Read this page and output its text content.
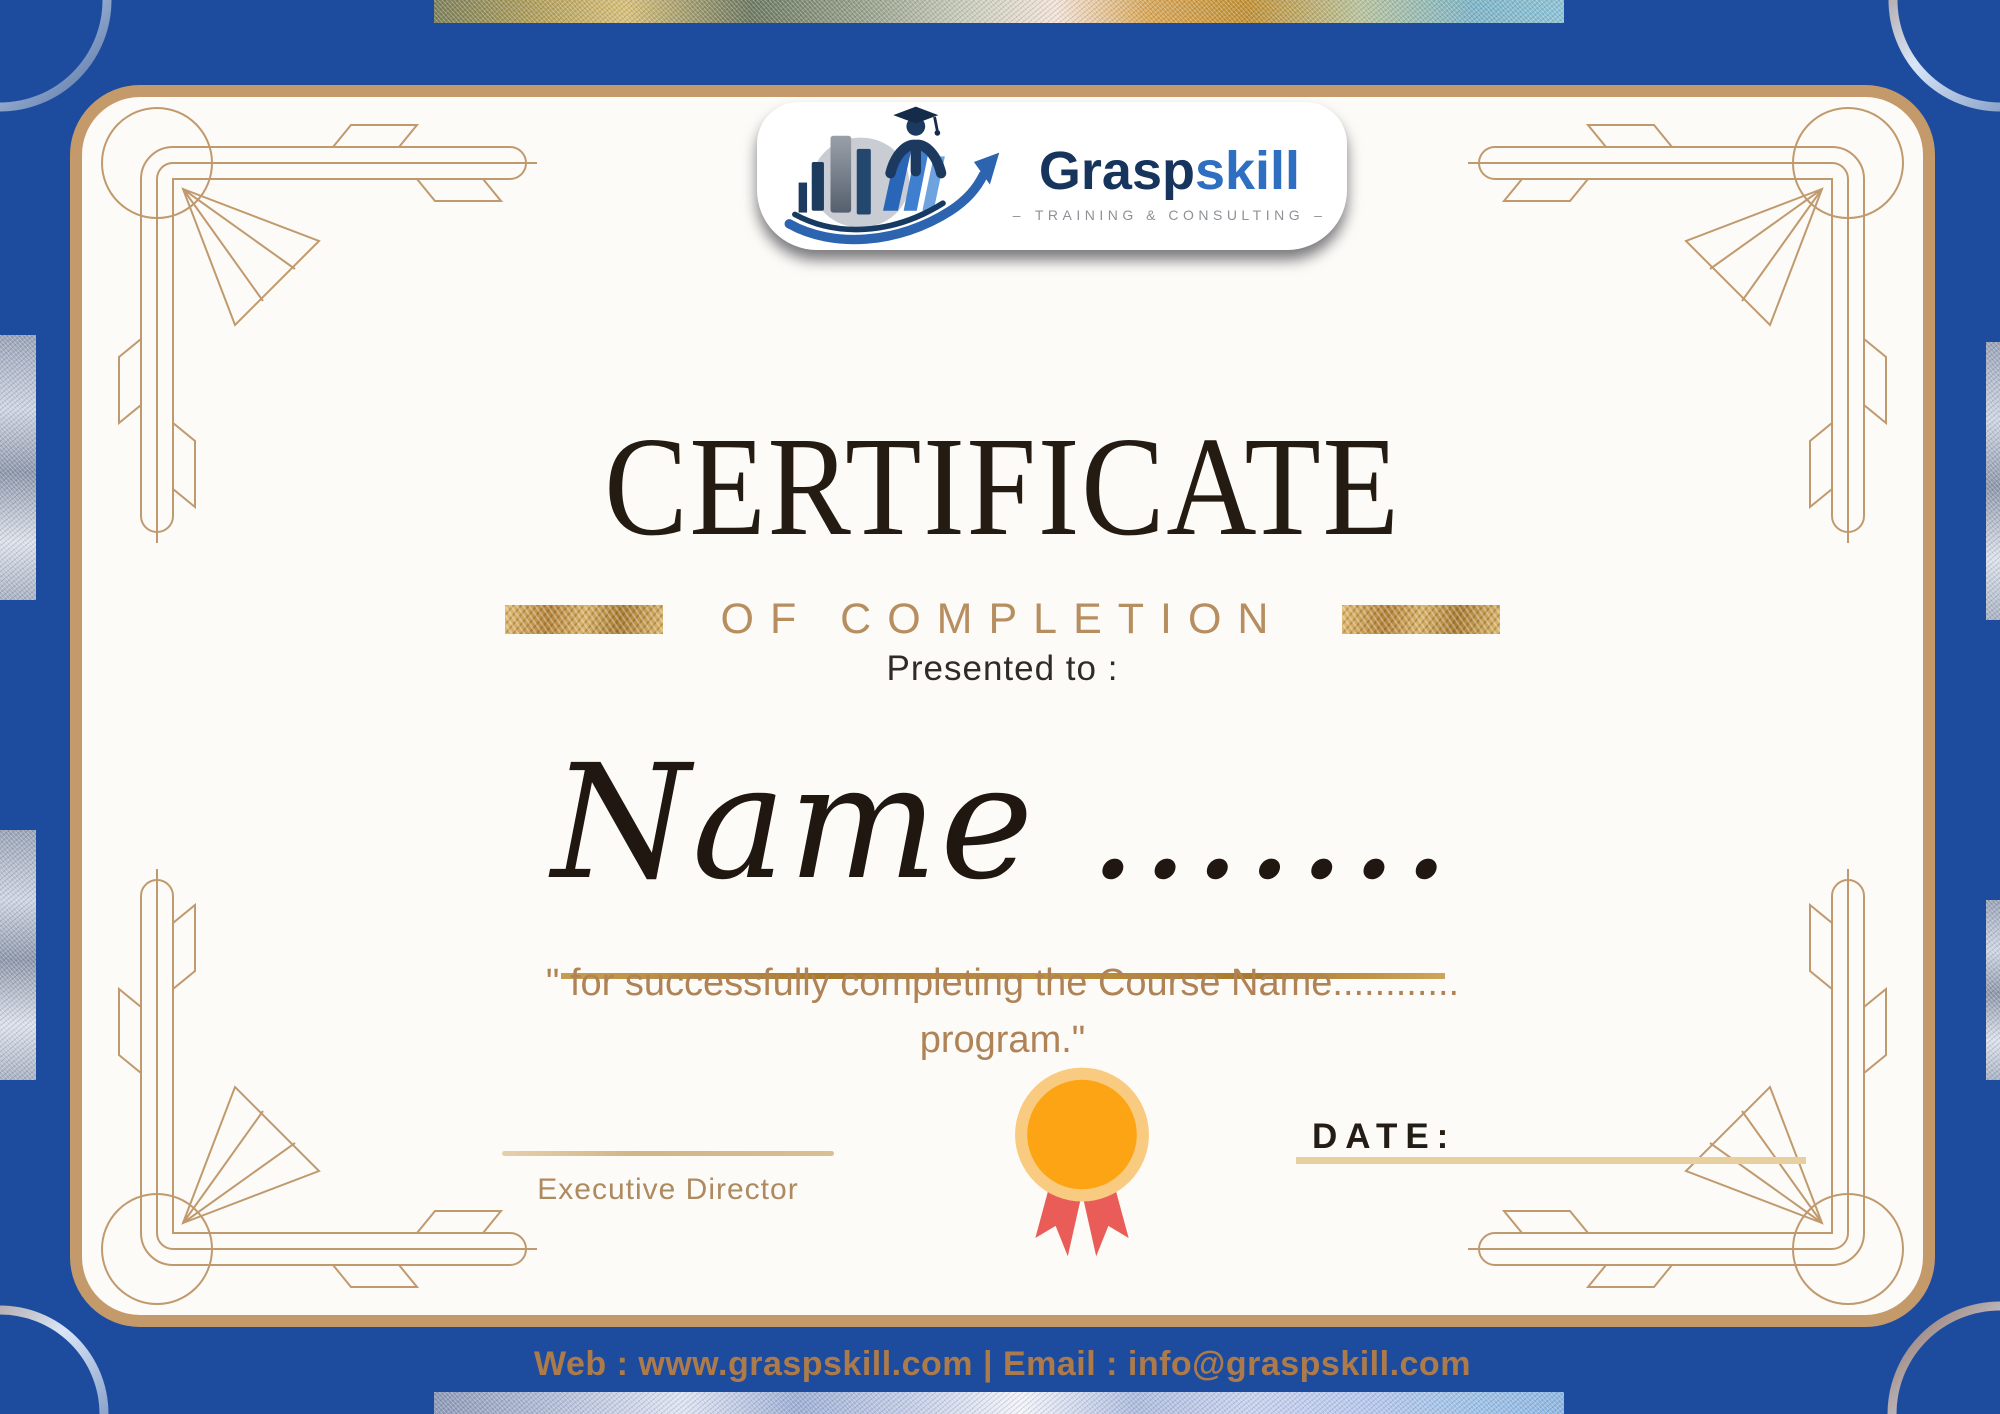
Graspskill
– TRAINING & CONSULTING –
CERTIFICATE
OF COMPLETION
Presented to :
Name .......
" for successfully completing the Course Name............
program."
Executive Director
DATE:
Web : www.graspskill.com | Email : info@graspskill.com
